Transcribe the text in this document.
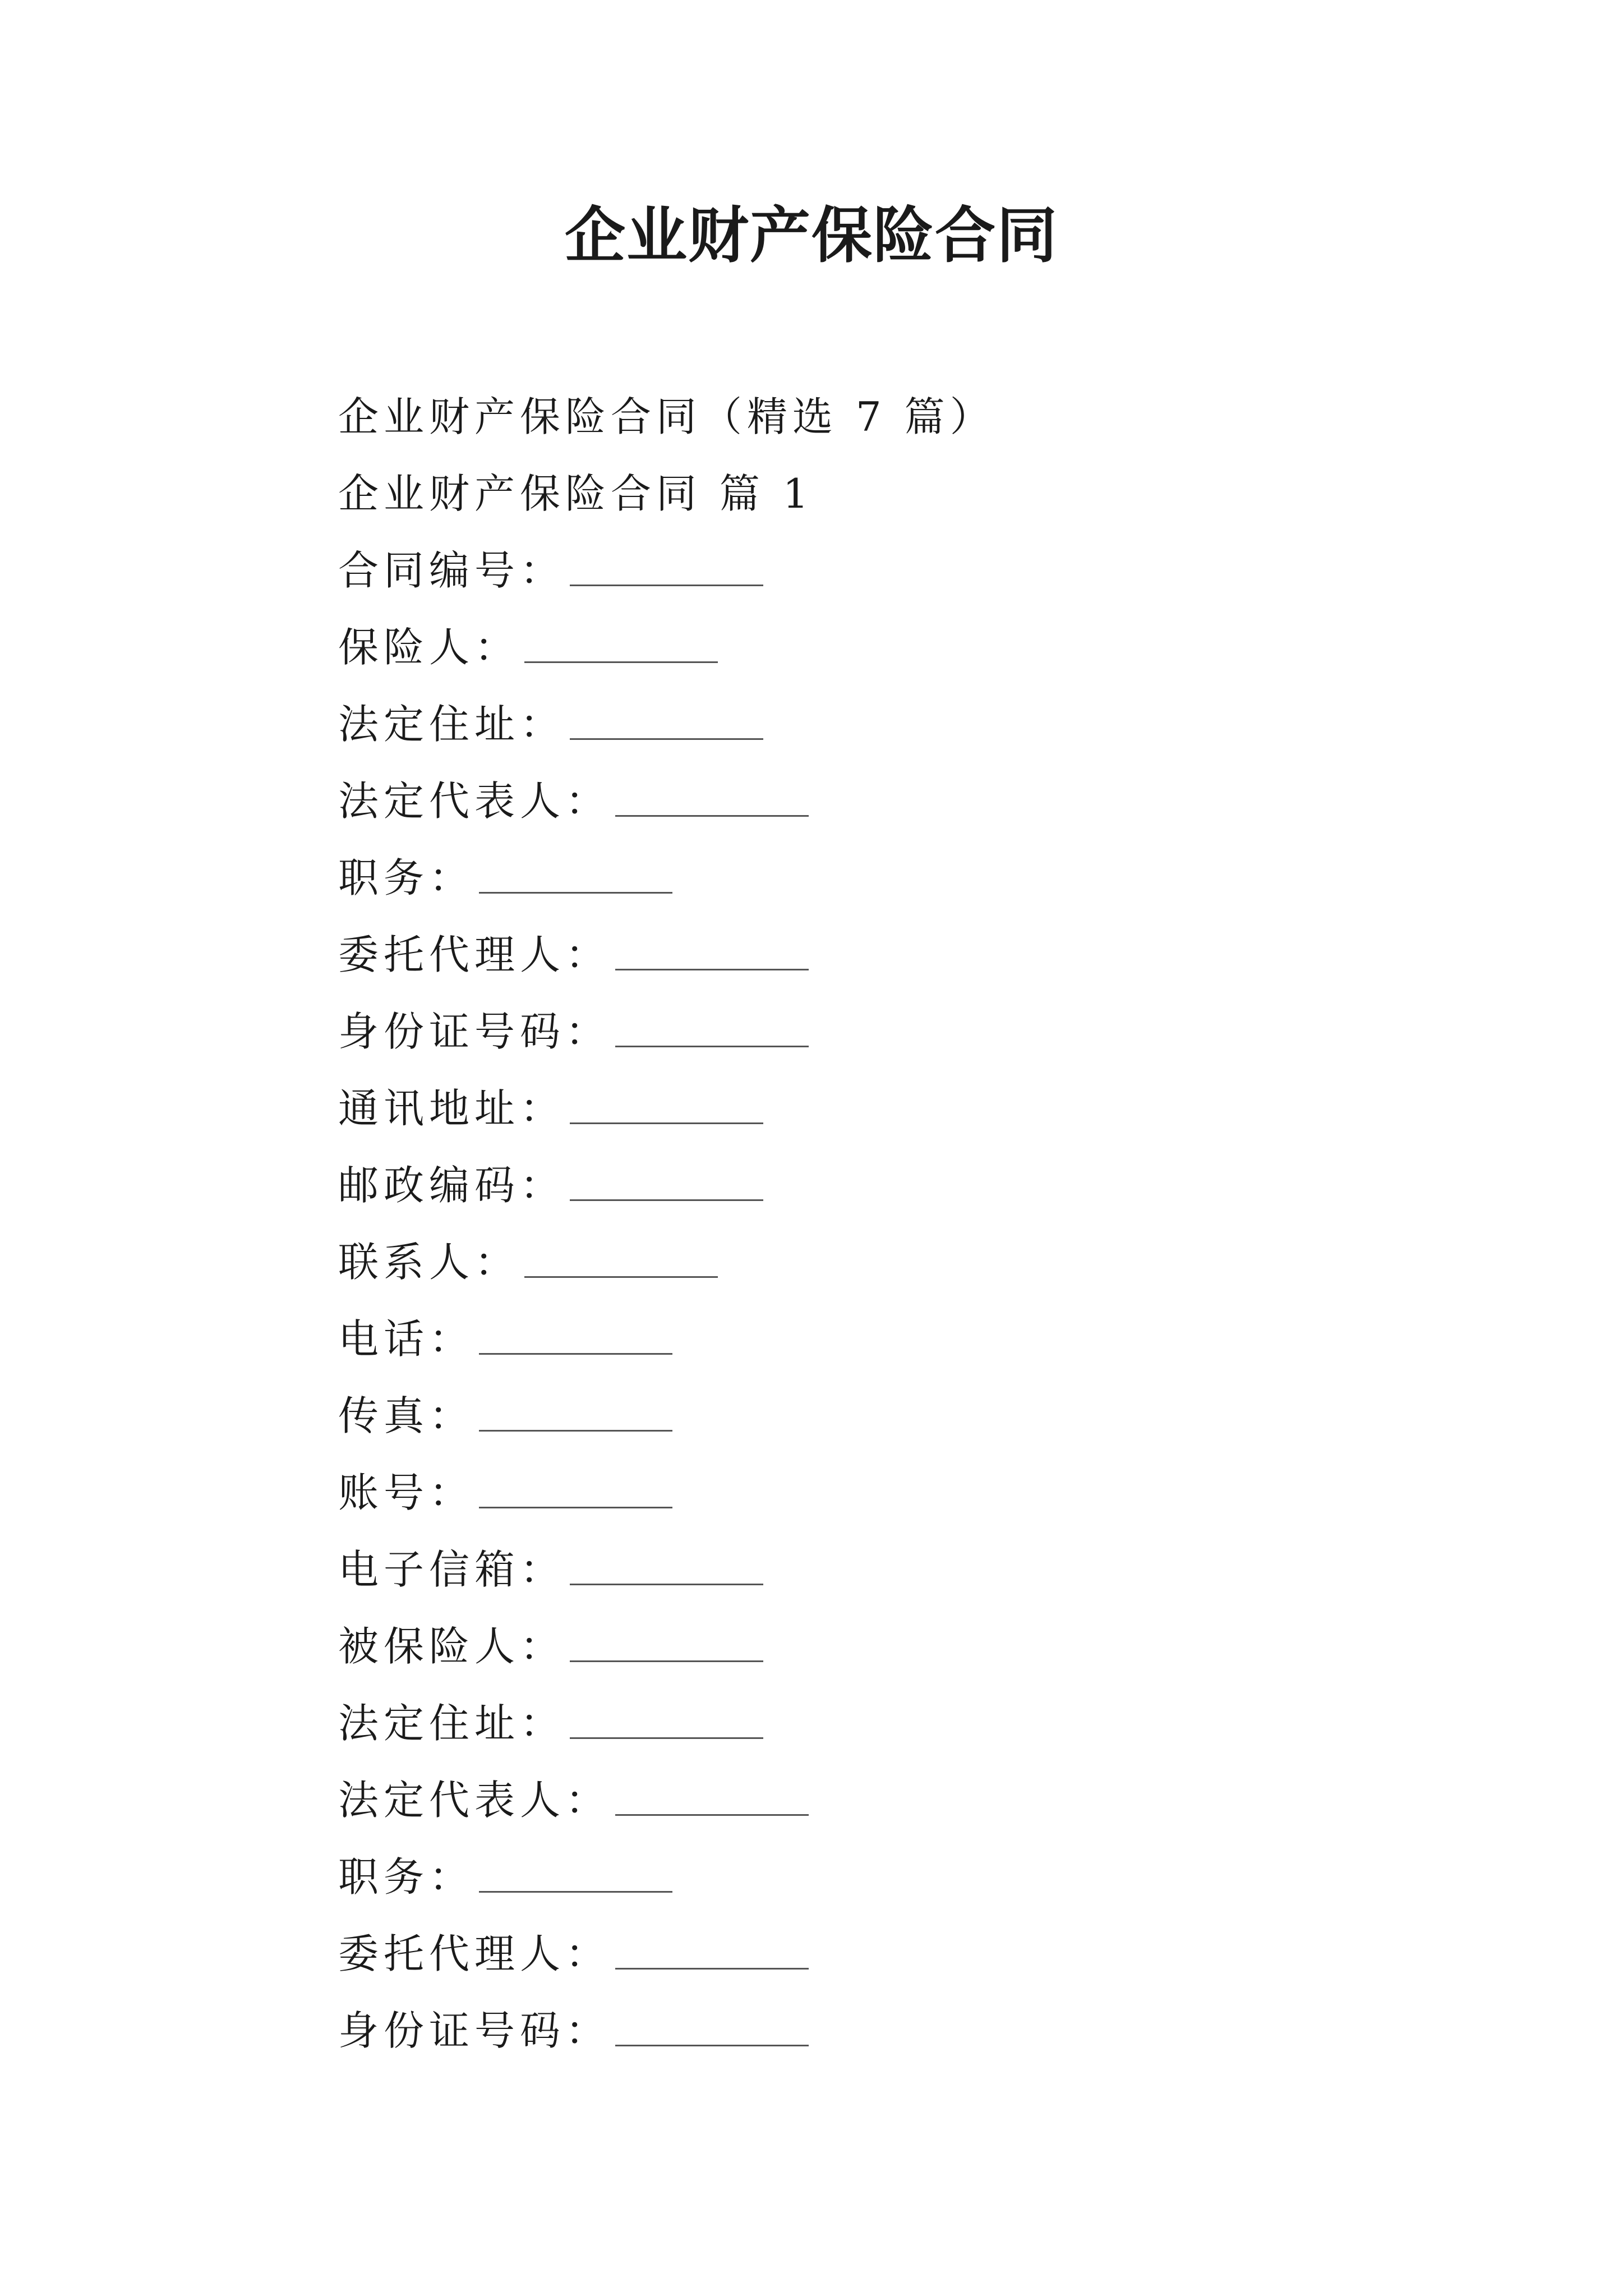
企业财产保险合同
企业财产保险合同（精选 7 篇）
企业财产保险合同 篇 1
合同编号：
保险人：
法定住址：
法定代表人：
职务：
委托代理人：
身份证号码：
通讯地址：
邮政编码：
联系人：
电话：
传真：
账号：
电子信箱：
被保险人：
法定住址：
法定代表人：
职务：
委托代理人：
身份证号码：
